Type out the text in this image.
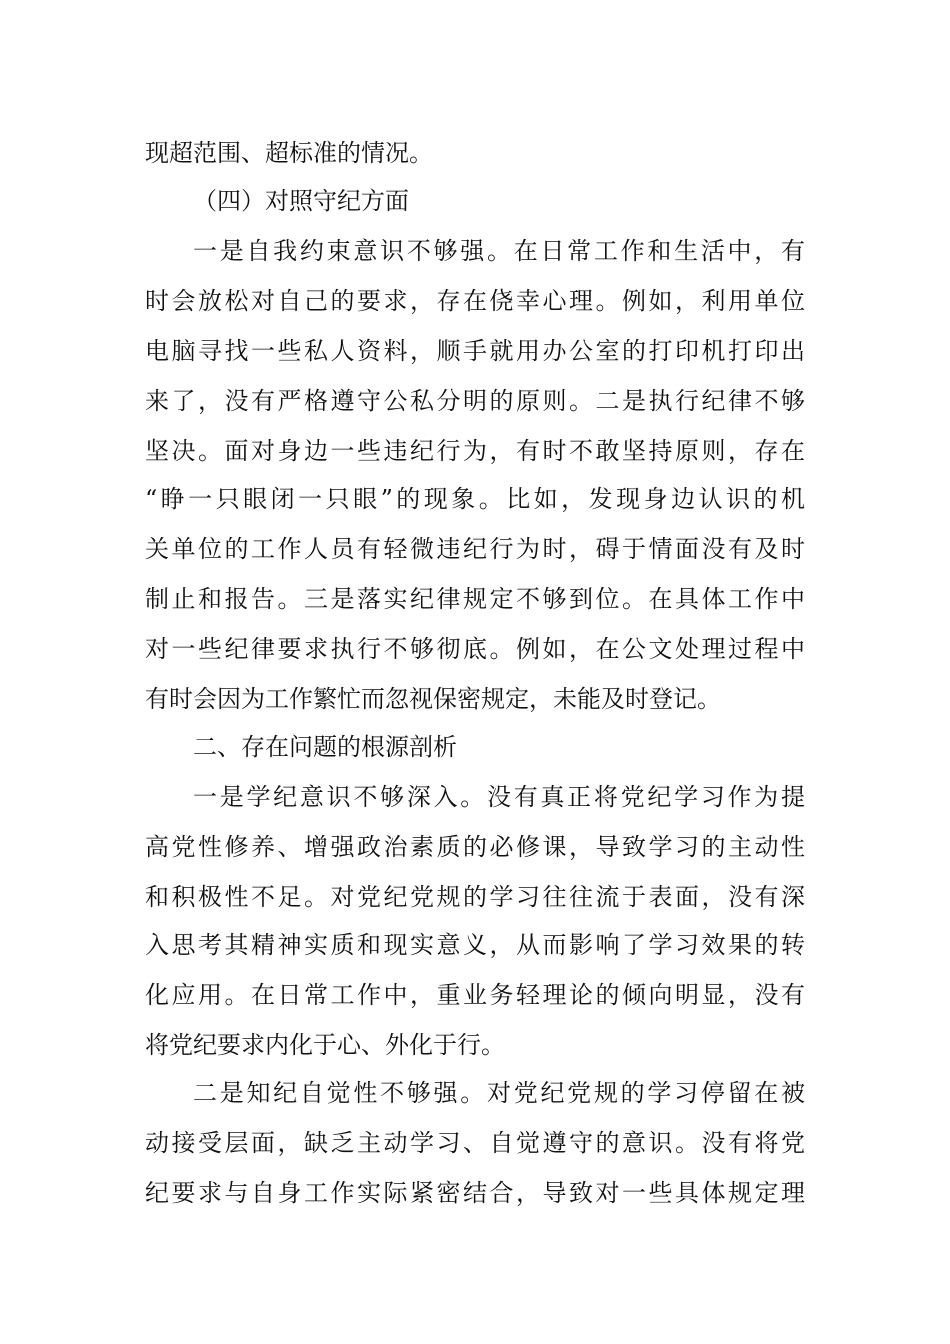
现超范围、超标准的情况。
（四）对照守纪方面
一是自我约束意识不够强。在日常工作和生活中，有
时会放松对自己的要求，存在侥幸心理。例如，利用单位
电脑寻找一些私人资料，顺手就用办公室的打印机打印出
来了，没有严格遵守公私分明的原则。二是执行纪律不够
坚决。面对身边一些违纪行为，有时不敢坚持原则，存在
“睁一只眼闭一只眼”的现象。比如，发现身边认识的机
关单位的工作人员有轻微违纪行为时，碍于情面没有及时
制止和报告。三是落实纪律规定不够到位。在具体工作中
对一些纪律要求执行不够彻底。例如，在公文处理过程中
有时会因为工作繁忙而忽视保密规定，未能及时登记。
二、存在问题的根源剖析
一是学纪意识不够深入。没有真正将党纪学习作为提
高党性修养、增强政治素质的必修课，导致学习的主动性
和积极性不足。对党纪党规的学习往往流于表面，没有深
入思考其精神实质和现实意义，从而影响了学习效果的转
化应用。在日常工作中，重业务轻理论的倾向明显，没有
将党纪要求内化于心、外化于行。
二是知纪自觉性不够强。对党纪党规的学习停留在被
动接受层面，缺乏主动学习、自觉遵守的意识。没有将党
纪要求与自身工作实际紧密结合，导致对一些具体规定理
